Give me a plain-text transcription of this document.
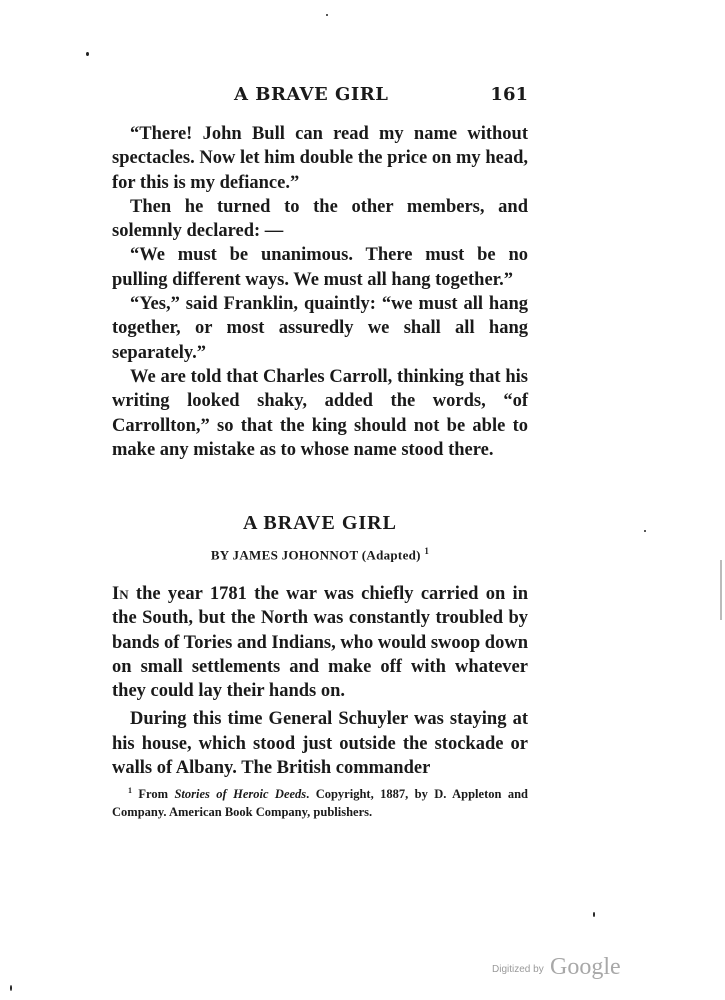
A BRAVE GIRL	161

“There! John Bull can read my name without spectacles. Now let him double the price on my head, for this is my defiance.”

Then he turned to the other members, and solemnly declared: —

“We must be unanimous. There must be no pulling different ways. We must all hang together.”

“Yes,” said Franklin, quaintly: “we must all hang together, or most assuredly we shall all hang separately.”

We are told that Charles Carroll, thinking that his writing looked shaky, added the words, “of Carrollton,” so that the king should not be able to make any mistake as to whose name stood there.

A BRAVE GIRL
BY JAMES JOHONNOT (Adapted) $^1$

In the year 1781 the war was chiefly carried on in the South, but the North was constantly troubled by bands of Tories and Indians, who would swoop down on small settlements and make off with whatever they could lay their hands on.

During this time General Schuyler was staying at his house, which stood just outside the stockade or walls of Albany. The British commander

$^1$ From Stories of Heroic Deeds. Copyright, 1887, by D. Appleton and Company. American Book Company, publishers.
Digitized by Google
